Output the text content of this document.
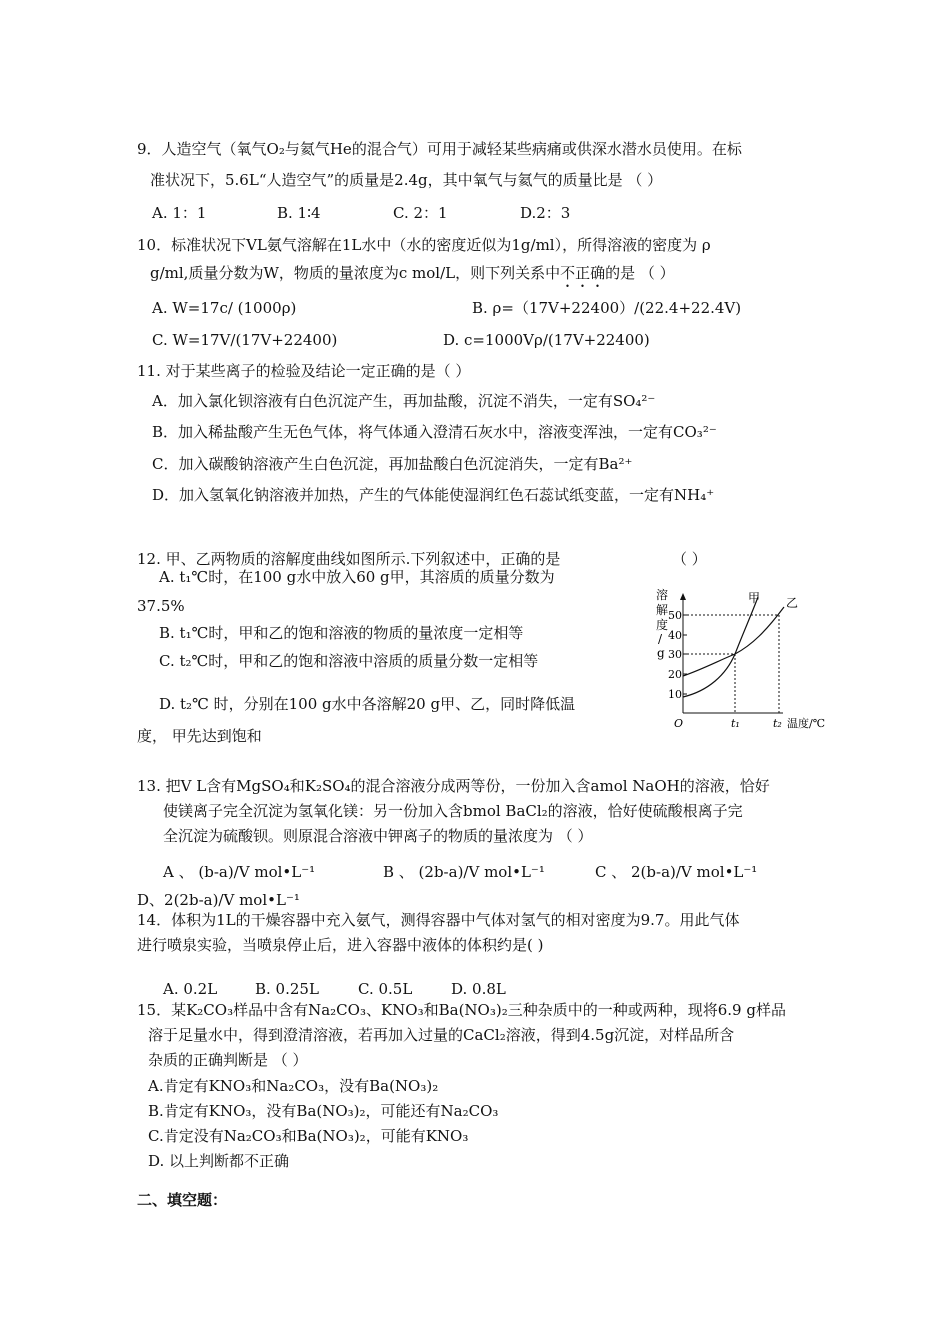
9．人造空气（氧气O₂与氦气He的混合气）可用于减轻某些病痛或供深水潜水员使用。在标
准状况下，5.6L“人造空气”的质量是2.4g，其中氧气与氦气的质量比是 （ ）
A. 1：1	B. 1∶4	C. 2：1	D.2：3
10．标准状况下VL氨气溶解在1L水中（水的密度近似为1g/ml），所得溶液的密度为 ρ
g/ml,质量分数为W，物质的量浓度为c mol/L，则下列关系中不正确的是 （ ）
A. W=17c/ (1000ρ)	B. ρ=（17V+22400）/(22.4+22.4V)
C. W=17V/(17V+22400)	D. c=1000Vρ/(17V+22400)
11. 对于某些离子的检验及结论一定正确的是（ ）
A．加入氯化钡溶液有白色沉淀产生，再加盐酸，沉淀不消失，一定有SO₄²⁻
B．加入稀盐酸产生无色气体，将气体通入澄清石灰水中，溶液变浑浊，一定有CO₃²⁻
C．加入碳酸钠溶液产生白色沉淀，再加盐酸白色沉淀消失，一定有Ba²⁺
D．加入氢氧化钠溶液并加热，产生的气体能使湿润红色石蕊试纸变蓝，一定有NH₄⁺
12. 甲、乙两物质的溶解度曲线如图所示.下列叙述中，正确的是	（ ）
A. t₁℃时，在100 g水中放入60 g甲，其溶质的质量分数为
37.5%
B. t₁℃时，甲和乙的饱和溶液的物质的量浓度一定相等
C. t₂℃时，甲和乙的饱和溶液中溶质的质量分数一定相等
D. t₂℃ 时，分别在100 g水中各溶解20 g甲、乙，同时降低温
度， 甲先达到饱和
溶
解
度
/
g
50
40
30
20
10
甲 乙
O	t₁	t₂ 温度/℃
13. 把V L含有MgSO₄和K₂SO₄的混合溶液分成两等份，一份加入含amol NaOH的溶液，恰好
使镁离子完全沉淀为氢氧化镁：另一份加入含bmol BaCl₂的溶液，恰好使硫酸根离子完
全沉淀为硫酸钡。则原混合溶液中钾离子的物质的量浓度为 （ ）
A 、 (b-a)/V mol•L⁻¹	B 、 (2b-a)/V mol•L⁻¹	C 、 2(b-a)/V mol•L⁻¹
D、2(2b-a)/V mol•L⁻¹
14．体积为1L的干燥容器中充入氨气，测得容器中气体对氢气的相对密度为9.7。用此气体
进行喷泉实验，当喷泉停止后，进入容器中液体的体积约是( )
A. 0.2L	B. 0.25L	C. 0.5L	D. 0.8L
15．某K₂CO₃样品中含有Na₂CO₃、KNO₃和Ba(NO₃)₂三种杂质中的一种或两种，现将6.9 g样品
溶于足量水中，得到澄清溶液，若再加入过量的CaCl₂溶液，得到4.5g沉淀，对样品所含
杂质的正确判断是 （ ）
A.肯定有KNO₃和Na₂CO₃，没有Ba(NO₃)₂
B.肯定有KNO₃，没有Ba(NO₃)₂，可能还有Na₂CO₃
C.肯定没有Na₂CO₃和Ba(NO₃)₂，可能有KNO₃
D. 以上判断都不正确
二、填空题：
